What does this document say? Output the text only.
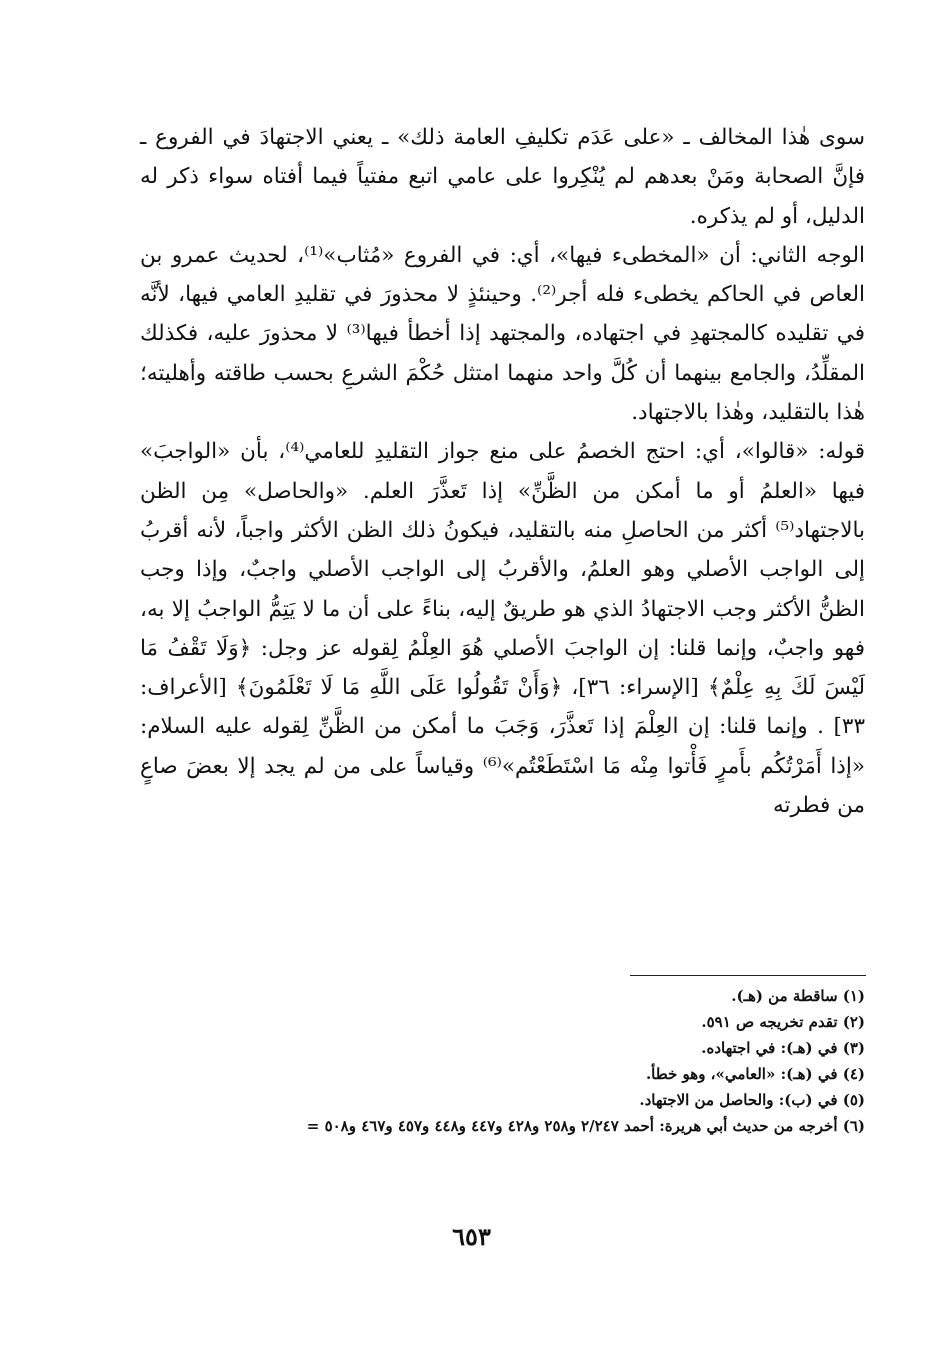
سوى هٰذا المخالف ـ «على عَدَم تكليفِ العامة ذلك» ـ يعني الاجتهادَ في الفروع ـ فإنَّ الصحابة ومَنْ بعدهم لم يُنْكِروا على عامي اتبع مفتياً فيما أفتاه سواء ذكر له الدليل، أو لم يذكره.

الوجه الثاني: أن «المخطىء فيها»، أي: في الفروع «مُثاب»⁽¹⁾، لحديث عمرو بن العاص في الحاكم يخطىء فله أجر⁽²⁾. وحينئذٍ لا محذورَ في تقليدِ العامي فيها، لأنَّه في تقليده كالمجتهدِ في اجتهاده، والمجتهد إذا أخطأ فيها⁽³⁾ لا محذورَ عليه، فكذلك المقلِّدُ، والجامع بينهما أن كُلَّ واحد منهما امتثل حُكْمَ الشرعِ بحسب طاقته وأهليته؛ هٰذا بالتقليد، وهٰذا بالاجتهاد.

قوله: «قالوا»، أي: احتج الخصمُ على منع جواز التقليدِ للعامي⁽⁴⁾، بأن «الواجبَ» فيها «العلمُ أو ما أمكن من الظَّنِّ» إذا تَعذَّرَ العلم. «والحاصل» مِن الظن بالاجتهاد⁽⁵⁾ أكثر من الحاصلِ منه بالتقليد، فيكونُ ذلك الظن الأكثر واجباً، لأنه أقربُ إلى الواجب الأصلي وهو العلمُ، والأقربُ إلى الواجب الأصلي واجبٌ، وإذا وجب الظنُّ الأكثر وجب الاجتهادُ الذي هو طريقٌ إليه، بناءً على أن ما لا يَتِمُّ الواجبُ إلا به، فهو واجبٌ، وإنما قلنا: إن الواجبَ الأصلي هُوَ العِلْمُ لِقوله عز وجل: ﴿وَلَا تَقْفُ مَا لَيْسَ لَكَ بِهِ عِلْمٌ﴾ [الإسراء: ٣٦]، ﴿وَأَنْ تَقُولُوا عَلَى اللَّهِ مَا لَا تَعْلَمُونَ﴾ [الأعراف: ٣٣] . وإنما قلنا: إن العِلْمَ إذا تَعذَّرَ، وَجَبَ ما أمكن من الظَّنِّ لِقوله عليه السلام: «إذا أَمَرْتُكُم بأَمرٍ فَأْتوا مِنْه مَا اسْتَطَعْتُم»⁽⁶⁾ وقياساً على من لم يجد إلا بعضَ صاعٍ من فطرته

(١) ساقطة من (هـ).
(٢) تقدم تخريجه ص ٥٩١.
(٣) في (هـ): في اجتهاده.
(٤) في (هـ): «العامي»، وهو خطأ.
(٥) في (ب): والحاصل من الاجتهاد.
(٦) أخرجه من حديث أبي هريرة: أحمد ٢/٢٤٧ و٢٥٨ و٤٢٨ و٤٤٧ و٤٤٨ و٤٥٧ و٤٦٧ و٥٠٨ =
٦٥٣
